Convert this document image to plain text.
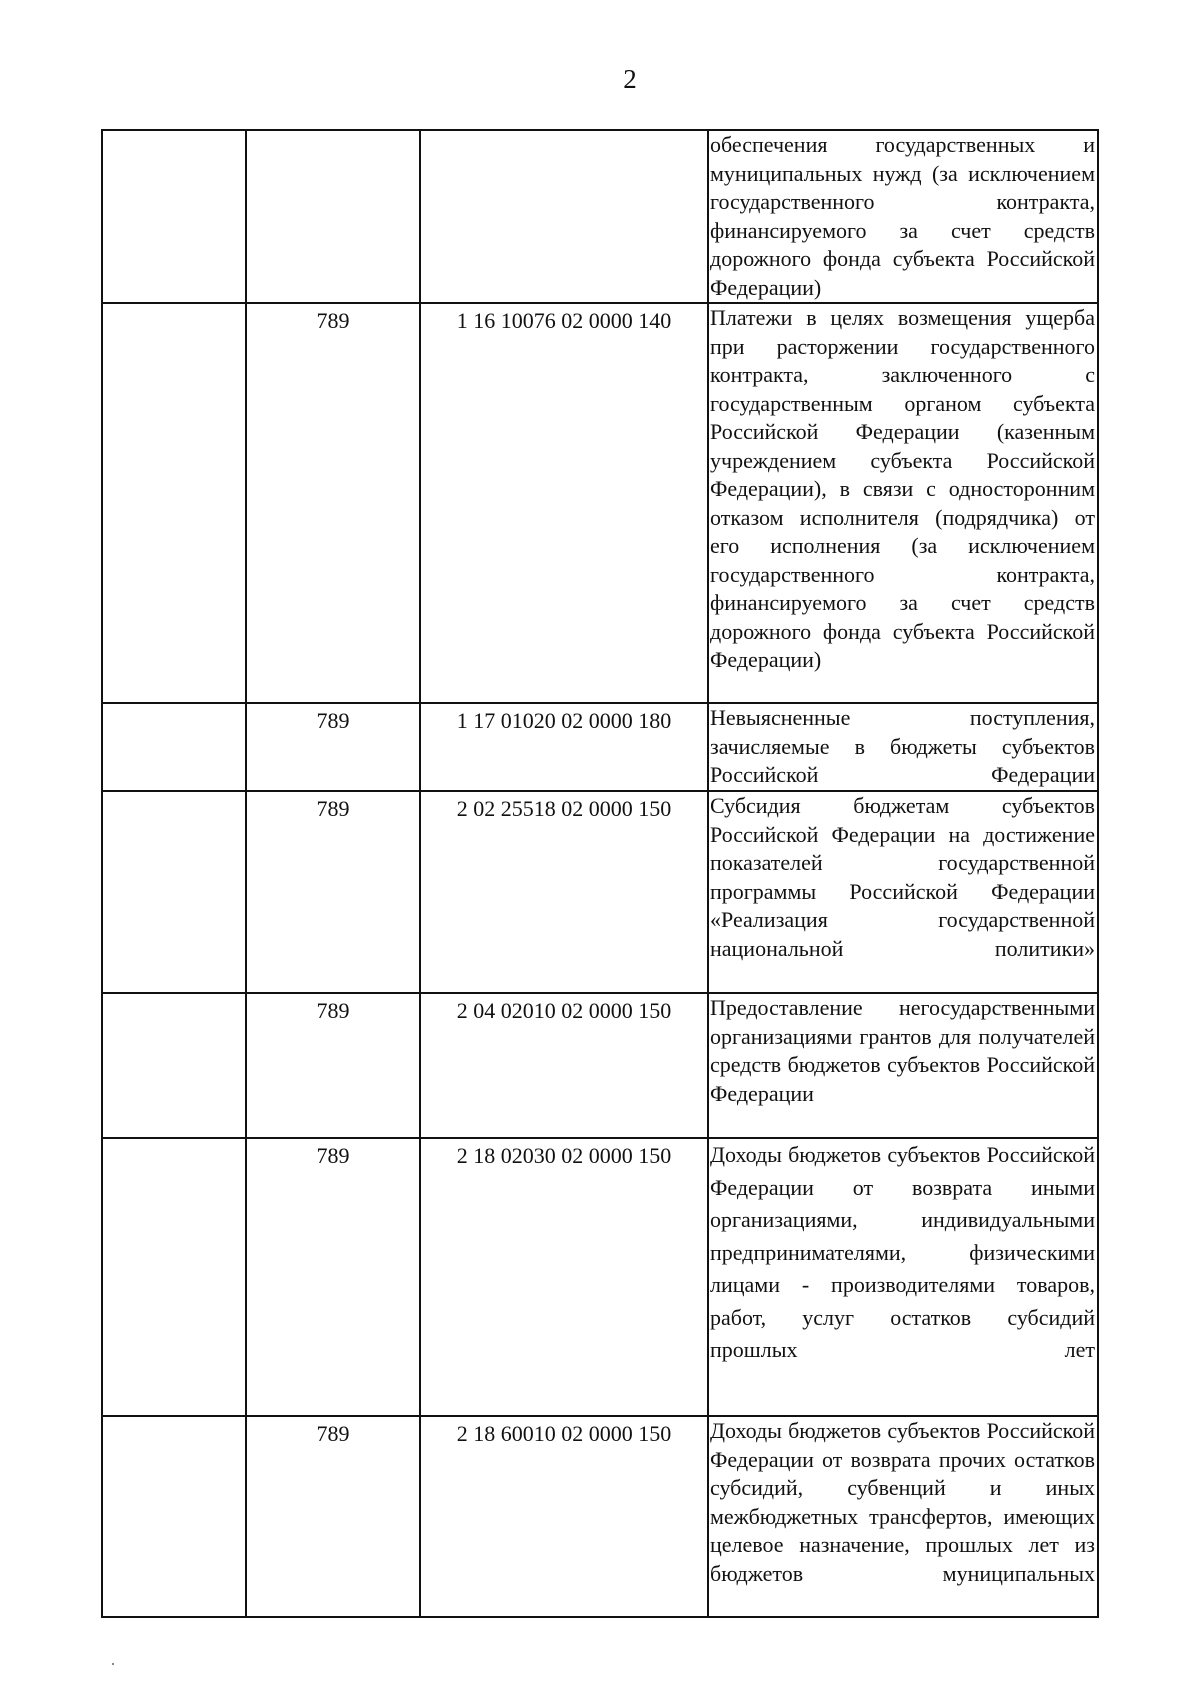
2
			обеспечения государственных и муниципальных нужд (за исключением государственного контракта, финансируемого за счет средств дорожного фонда субъекта Российской Федерации)
	789	1 16 10076 02 0000 140	Платежи в целях возмещения ущерба при расторжении государственного контракта, заключенного с государственным органом субъекта Российской Федерации (казенным учреждением субъекта Российской Федерации), в связи с односторонним отказом исполнителя (подрядчика) от его исполнения (за исключением государственного контракта, финансируемого за счет средств дорожного фонда субъекта Российской Федерации)
	789	1 17 01020 02 0000 180	Невыясненные поступления, зачисляемые в бюджеты субъектов Российской Федерации
	789	2 02 25518 02 0000 150	Субсидия бюджетам субъектов Российской Федерации на достижение показателей государственной программы Российской Федерации «Реализация государственной национальной политики»
	789	2 04 02010 02 0000 150	Предоставление негосударственными организациями грантов для получателей средств бюджетов субъектов Российской Федерации
	789	2 18 02030 02 0000 150	Доходы бюджетов субъектов Российской Федерации от возврата иными организациями, индивидуальными предпринимателями, физическими лицами - производителями товаров, работ, услуг остатков субсидий прошлых лет
	789	2 18 60010 02 0000 150	Доходы бюджетов субъектов Российской Федерации от возврата прочих остатков субсидий, субвенций и иных межбюджетных трансфертов, имеющих целевое назначение, прошлых лет из бюджетов муниципальных
